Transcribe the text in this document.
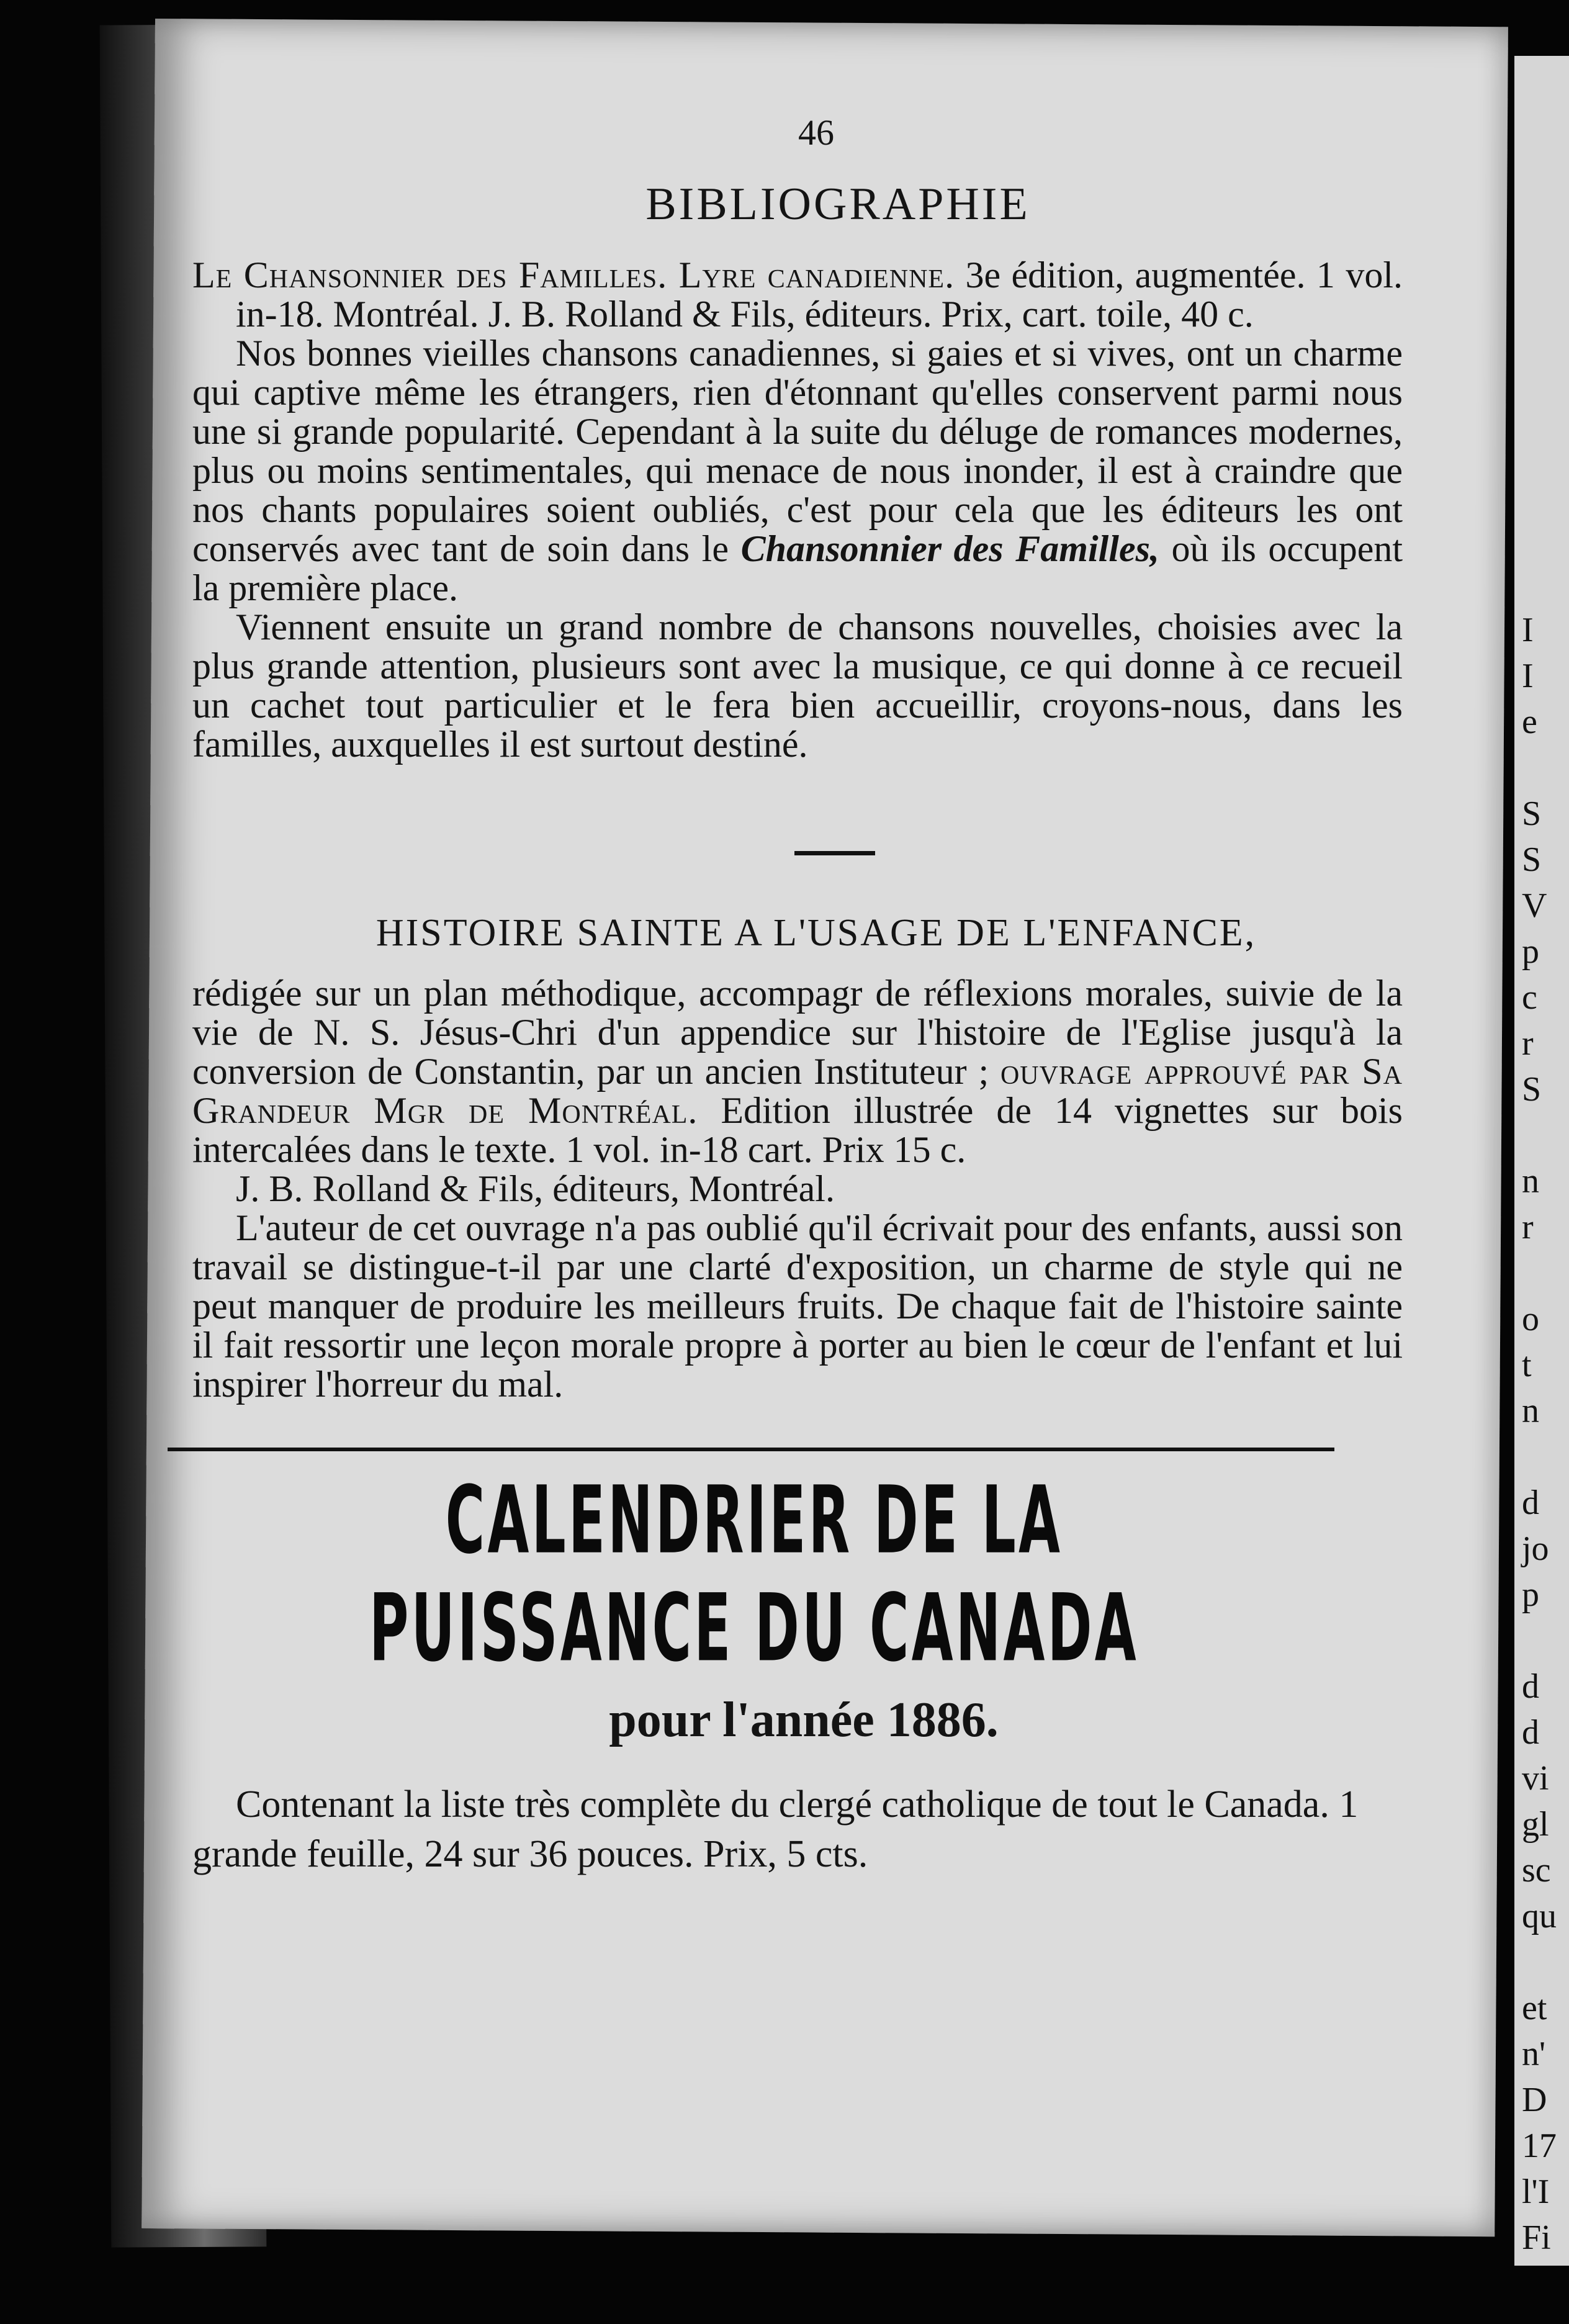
I
I
e

S
S
V
p
c
r
S

n
r

o
t
n

d
jo
p

d
d
vi
gl
sc
qu

et
n'
D
17
l'I
Fi
46
BIBLIOGRAPHIE

Le Chansonnier des Familles. Lyre canadienne. 3e édition, augmentée. 1 vol. in-18. Montréal. J. B. Rolland & Fils, éditeurs. Prix, cart. toile, 40 c.

Nos bonnes vieilles chansons canadiennes, si gaies et si vives, ont un charme qui captive même les étrangers, rien d'étonnant qu'elles conservent parmi nous une si grande popularité. Cependant à la suite du déluge de romances modernes, plus ou moins sentimentales, qui menace de nous inonder, il est à craindre que nos chants populaires soient oubliés, c'est pour cela que les éditeurs les ont conservés avec tant de soin dans le Chansonnier des Familles, où ils occupent la première place.

Viennent ensuite un grand nombre de chansons nouvelles, choisies avec la plus grande attention, plusieurs sont avec la musique, ce qui donne à ce recueil un cachet tout particulier et le fera bien accueillir, croyons-nous, dans les familles, auxquelles il est surtout destiné.

HISTOIRE SAINTE A L'USAGE DE L'ENFANCE,

rédigée sur un plan méthodique, accompagr de réflexions morales, suivie de la vie de N. S. Jésus-Chri d'un appendice sur l'histoire de l'Eglise jusqu'à la conversion de Constantin, par un ancien Instituteur ; ouvrage approuvé par Sa Grandeur Mgr de Montréal. Edition illustrée de 14 vignettes sur bois intercalées dans le texte. 1 vol. in-18 cart. Prix 15 c.

J. B. Rolland & Fils, éditeurs, Montréal.

L'auteur de cet ouvrage n'a pas oublié qu'il écrivait pour des enfants, aussi son travail se distingue-t-il par une clarté d'exposition, un charme de style qui ne peut manquer de produire les meilleurs fruits. De chaque fait de l'histoire sainte il fait ressortir une leçon morale propre à porter au bien le cœur de l'enfant et lui inspirer l'horreur du mal.

CALENDRIER DE LA PUISSANCE DU CANADA
pour l'année 1886.

Contenant la liste très complète du clergé catholique de tout le Canada. 1 grande feuille, 24 sur 36 pouces. Prix, 5 cts.
